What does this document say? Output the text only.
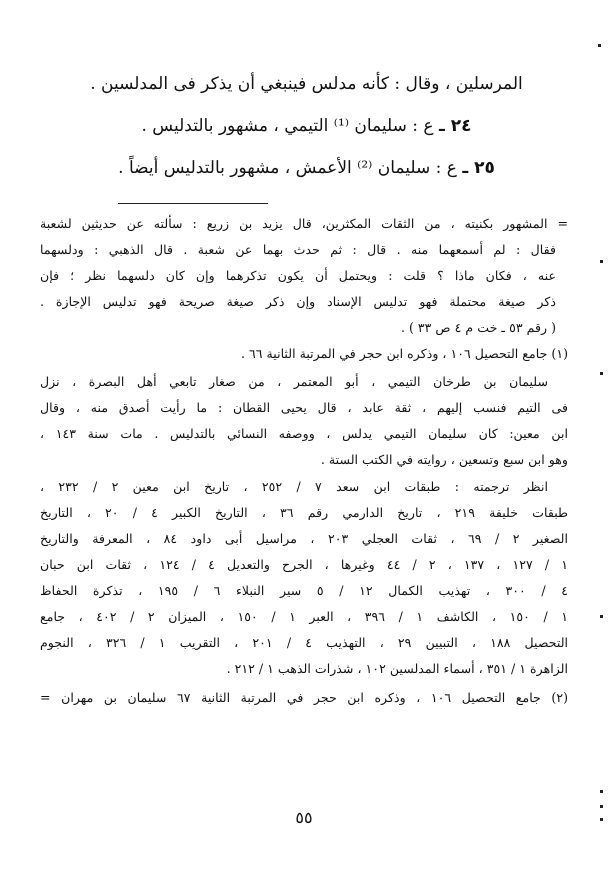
المرسلين ، وقال : كأنه مدلس فينبغي أن يذكر فى المدلسين .
٢٤ ـ ع : سليمان ⁽¹⁾ التيمي ، مشهور بالتدليس .
٢٥ ـ ع : سليمان ⁽²⁾ الأعمش ، مشهور بالتدليس أيضاً .
= المشهور بكنيته ، من الثقات المكثرين، قال يزيد بن زريع : سألته عن حديثين لشعبة
فقال : لم أسمعهما منه . قال : ثم حدث بهما عن شعبة . قال الذهبي : ودلسهما
عنه ، فكان ماذا ؟ قلت : ويحتمل أن يكون تذكرهما وإن كان دلسهما نظر ؛ فإن
ذكر صيغة محتملة فهو تدليس الإسناد وإن ذكر صيغة صريحة فهو تدليس الإجازة .
( رقم ٥٣ ـ خت م ٤ ص ٣٣ ) .
(١) جامع التحصيل ١٠٦ ، وذكره ابن حجر في المرتبة الثانية ٦٦ .
سليمان بن طرخان التيمي ، أبو المعتمر ، من صغار تابعي أهل البصرة ، نزل
فى التيم فنسب إليهم ، ثقة عابد ، قال يحيى القطان : ما رأيت أصدق منه ، وقال
ابن معين: كان سليمان التيمي يدلس ، ووصفه النسائي بالتدليس . مات سنة ١٤٣ ،
وهو ابن سبع وتسعين ، روايته في الكتب الستة .
انظر ترجمته : طبقات ابن سعد ٧ / ٢٥٢ ، تاريخ ابن معين ٢ / ٢٣٢ ،
طبقات خليفة ٢١٩ ، تاريخ الدارمي رقم ٣٦ ، التاريخ الكبير ٤ / ٢٠ ، التاريخ
الصغير ٢ / ٦٩ ، ثقات العجلي ٢٠٣ ، مراسيل أبى داود ٨٤ ، المعرفة والتاريخ
١ / ١٢٧ ، ١٣٧ ، ٢ / ٤٤ وغيرها ، الجرح والتعديل ٤ / ١٢٤ ، ثقات ابن حبان
٤ / ٣٠٠ ، تهذيب الكمال ١٢ / ٥ سير النبلاء ٦ / ١٩٥ ، تذكرة الحفاظ
١ / ١٥٠ ، الكاشف ١ / ٣٩٦ ، العبر ١ / ١٥٠ ، الميزان ٢ / ٤٠٢ ، جامع
التحصيل ١٨٨ ، التبيين ٢٩ ، التهذيب ٤ / ٢٠١ ، التقريب ١ / ٣٢٦ ، النجوم
الزاهرة ١ / ٣٥١ ، أسماء المدلسين ١٠٢ ، شذرات الذهب ١ / ٢١٢ .
(٢) جامع التحصيل ١٠٦ ، وذكره ابن حجر في المرتبة الثانية ٦٧ سليمان بن مهران =
٥٥
